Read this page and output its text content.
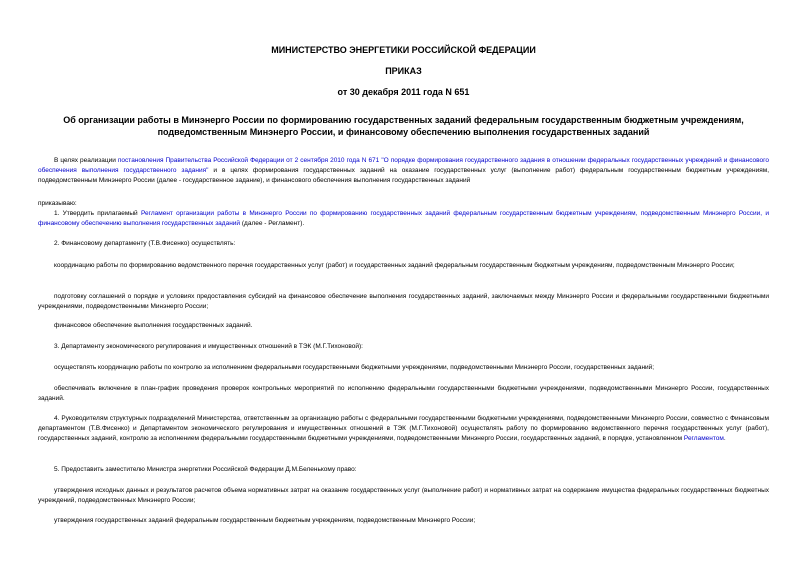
МИНИСТЕРСТВО ЭНЕРГЕТИКИ РОССИЙСКОЙ ФЕДЕРАЦИИ
ПРИКАЗ
от 30 декабря 2011 года N 651
Об организации работы в Минэнерго России по формированию государственных заданий федеральным государственным бюджетным учреждениям, подведомственным Минэнерго России, и финансовому обеспечению выполнения государственных заданий
В целях реализации постановления Правительства Российской Федерации от 2 сентября 2010 года N 671 "О порядке формирования государственного задания в отношении федеральных государственных учреждений и финансового обеспечения выполнения государственного задания" и в целях формирования государственных заданий на оказание государственных услуг (выполнение работ) федеральным государственным бюджетным учреждениям, подведомственным Минэнерго России (далее - государственное задание), и финансового обеспечения выполнения государственных заданий
приказываю:
1. Утвердить прилагаемый Регламент организации работы в Минэнерго России по формированию государственных заданий федеральным государственным бюджетным учреждениям, подведомственным Минэнерго России, и финансовому обеспечению выполнения государственных заданий (далее - Регламент).
2. Финансовому департаменту (Т.В.Фисенко) осуществлять:
координацию работы по формированию ведомственного перечня государственных услуг (работ) и государственных заданий федеральным государственным бюджетным учреждениям, подведомственным Минэнерго России;
подготовку соглашений о порядке и условиях предоставления субсидий на финансовое обеспечение выполнения государственных заданий, заключаемых между Минэнерго России и федеральными государственными бюджетными учреждениями, подведомственными Минэнерго России;
финансовое обеспечение выполнения государственных заданий.
3. Департаменту экономического регулирования и имущественных отношений в ТЭК (М.Г.Тихоновой):
осуществлять координацию работы по контролю за исполнением федеральными государственными бюджетными учреждениями, подведомственными Минэнерго России, государственных заданий;
обеспечивать включение в план-график проведения проверок контрольных мероприятий по исполнению федеральными государственными бюджетными учреждениями, подведомственными Минэнерго России, государственных заданий.
4. Руководителям структурных подразделений Министерства, ответственным за организацию работы с федеральными государственными бюджетными учреждениями, подведомственными Минэнерго России, совместно с Финансовым департаментом (Т.В.Фисенко) и Департаментом экономического регулирования и имущественных отношений в ТЭК (М.Г.Тихоновой) осуществлять работу по формированию ведомственного перечня государственных услуг (работ), государственных заданий, контролю за исполнением федеральными государственными бюджетными учреждениями, подведомственными Минэнерго России, государственных заданий, в порядке, установленном Регламентом.
5. Предоставить заместителю Министра энергетики Российской Федерации Д.М.Беленькому право:
утверждения исходных данных и результатов расчетов объема нормативных затрат на оказание государственных услуг (выполнение работ) и нормативных затрат на содержание имущества федеральных государственных бюджетных учреждений, подведомственных Минэнерго России;
утверждения государственных заданий федеральным государственным бюджетным учреждениям, подведомственным Минэнерго России;
